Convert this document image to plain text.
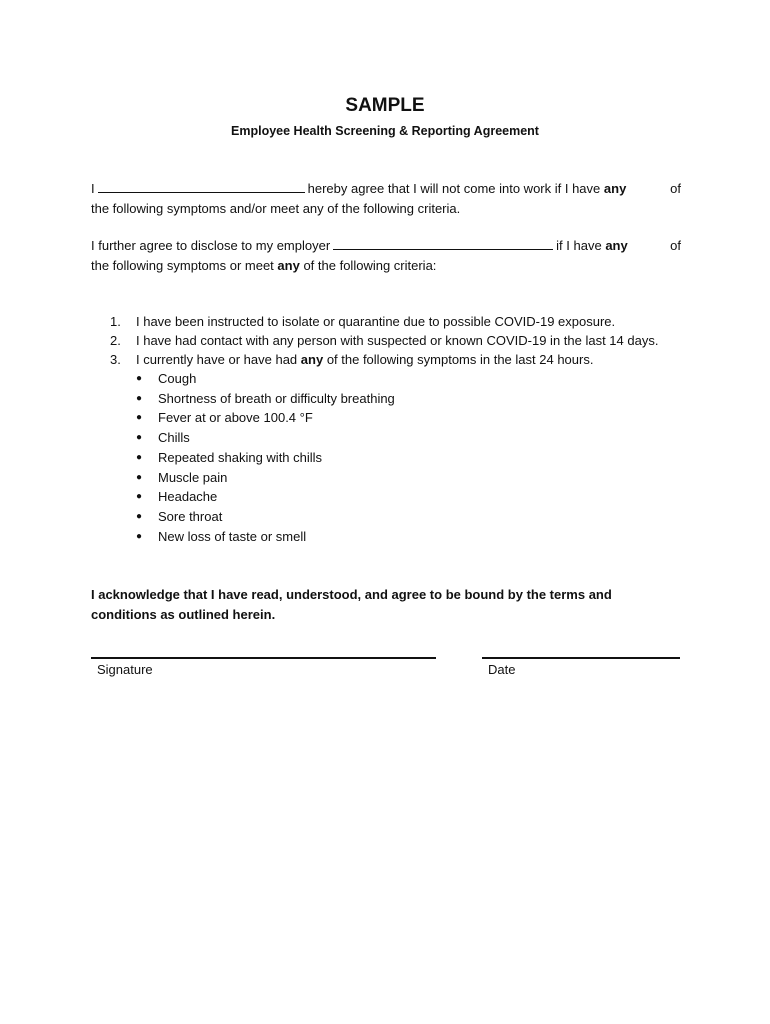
SAMPLE
Employee Health Screening & Reporting Agreement
I	hereby agree that I will not come into work if I have any	of
the following symptoms and/or meet any of the following criteria.
I further agree to disclose to my employer	if I have any	of
the following symptoms or meet any of the following criteria:
1.	I have been instructed to isolate or quarantine due to possible COVID-19 exposure.
2.	I have had contact with any person with suspected or known COVID-19 in the last 14 days.
3.	I currently have or have had any of the following symptoms in the last 24 hours.
●	Cough
●	Shortness of breath or difficulty breathing
●	Fever at or above 100.4 °F
●	Chills
●	Repeated shaking with chills
●	Muscle pain
●	Headache
●	Sore throat
●	New loss of taste or smell
I acknowledge that I have read, understood, and agree to be bound by the terms and conditions as outlined herein.
Signature	Date
